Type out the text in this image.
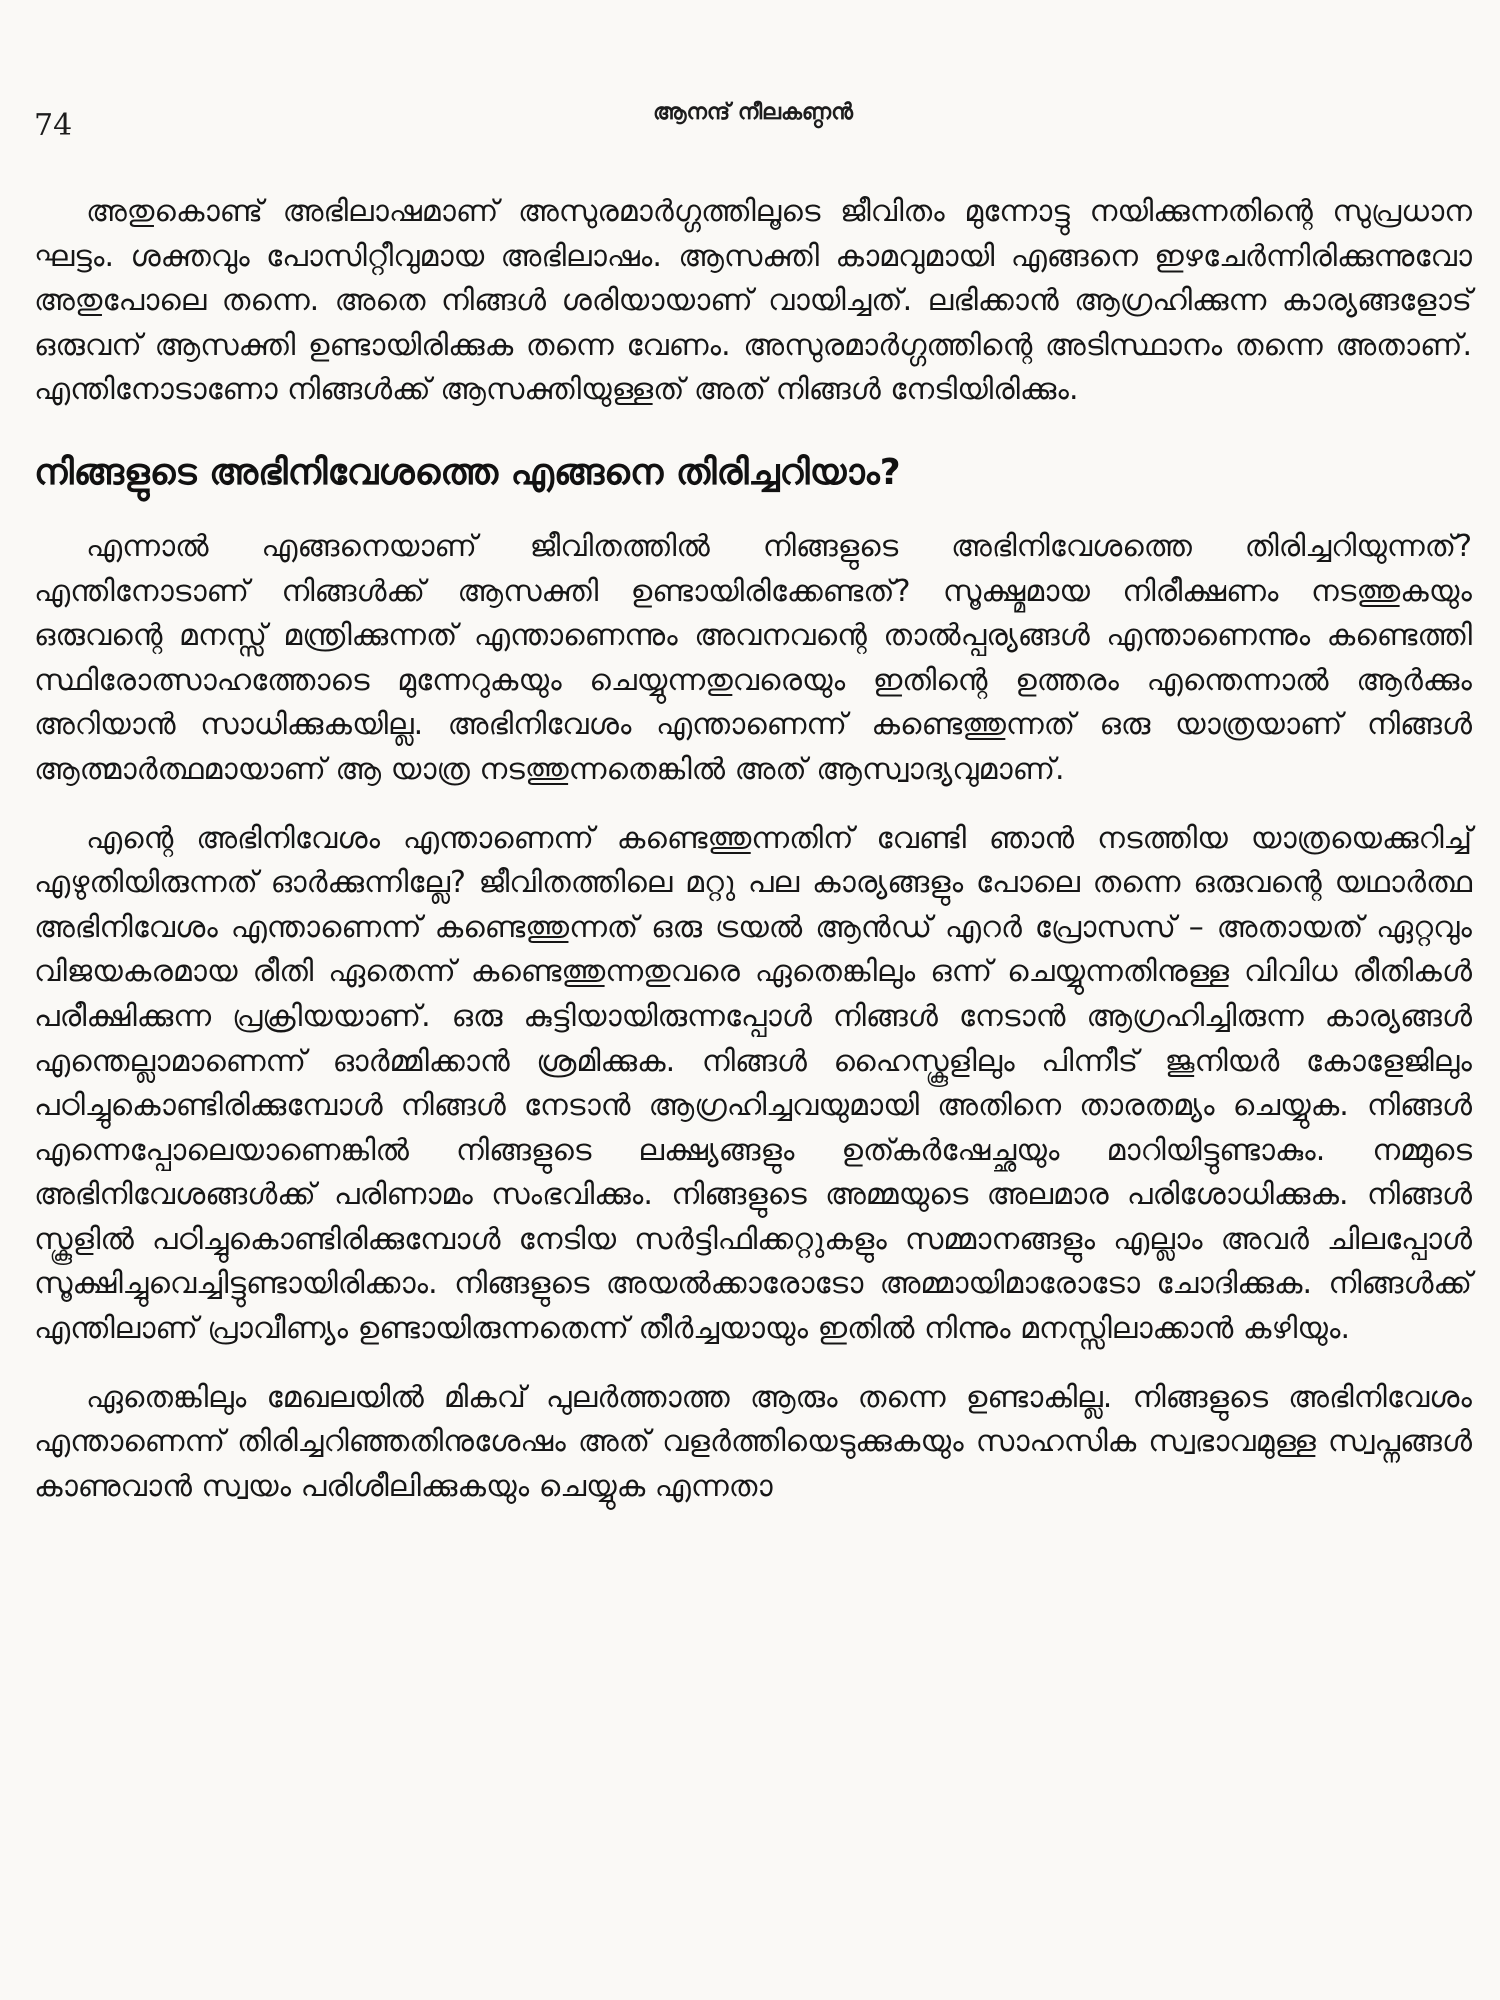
74	ആനന്ദ് നീലകണ്ഠൻ

അതുകൊണ്ട് അഭിലാഷമാണ് അസുരമാർഗ്ഗത്തിലൂടെ ജീവിതം മുന്നോട്ടു നയിക്കുന്നതിന്റെ സുപ്രധാന ഘട്ടം. ശക്തവും പോസിറ്റീവുമായ അഭിലാഷം. ആസക്തി കാമവുമായി എങ്ങനെ ഇഴചേർന്നിരിക്കുന്നുവോ അതുപോലെ തന്നെ. അതെ നിങ്ങൾ ശരിയായാണ് വായിച്ചത്. ലഭിക്കാൻ ആഗ്രഹിക്കുന്ന കാര്യങ്ങളോട് ഒരുവന് ആസക്തി ഉണ്ടായിരിക്കുക തന്നെ വേണം. അസുരമാർഗ്ഗത്തിന്റെ അടിസ്ഥാനം തന്നെ അതാണ്. എന്തിനോടാണോ നിങ്ങൾക്ക് ആസക്തിയുള്ളത് അത് നിങ്ങൾ നേടിയിരിക്കും.

നിങ്ങളുടെ അഭിനിവേശത്തെ എങ്ങനെ തിരിച്ചറിയാം?

എന്നാൽ എങ്ങനെയാണ് ജീവിതത്തിൽ നിങ്ങളുടെ അഭിനിവേശത്തെ തിരിച്ചറിയുന്നത്? എന്തിനോടാണ് നിങ്ങൾക്ക് ആസക്തി ഉണ്ടായിരിക്കേണ്ടത്? സൂക്ഷ്മമായ നിരീക്ഷണം നടത്തുകയും ഒരുവന്റെ മനസ്സ് മന്ത്രിക്കുന്നത് എന്താണെന്നും അവനവന്റെ താൽപ്പര്യങ്ങൾ എന്താണെന്നും കണ്ടെത്തി സ്ഥിരോത്സാഹത്തോടെ മുന്നേറുകയും ചെയ്യുന്നതുവരെയും ഇതിന്റെ ഉത്തരം എന്തെന്നാൽ ആർക്കും അറിയാൻ സാധിക്കുകയില്ല. അഭിനിവേശം എന്താണെന്ന് കണ്ടെത്തുന്നത് ഒരു യാത്രയാണ് നിങ്ങൾ ആത്മാർത്ഥമായാണ് ആ യാത്ര നടത്തുന്നതെങ്കിൽ അത് ആസ്വാദ്യവുമാണ്.

എന്റെ അഭിനിവേശം എന്താണെന്ന് കണ്ടെത്തുന്നതിന് വേണ്ടി ഞാൻ നടത്തിയ യാത്രയെക്കുറിച്ച് എഴുതിയിരുന്നത് ഓർക്കുന്നില്ലേ? ജീവിതത്തിലെ മറ്റു പല കാര്യങ്ങളും പോലെ തന്നെ ഒരുവന്റെ യഥാർത്ഥ അഭിനിവേശം എന്താണെന്ന് കണ്ടെത്തുന്നത് ഒരു ട്രയൽ ആൻഡ് എറർ പ്രോസസ് – അതായത് ഏറ്റവും വിജയകരമായ രീതി ഏതെന്ന് കണ്ടെത്തുന്നതുവരെ ഏതെങ്കിലും ഒന്ന് ചെയ്യുന്നതിനുള്ള വിവിധ രീതികൾ പരീക്ഷിക്കുന്ന പ്രക്രിയയാണ്. ഒരു കുട്ടിയായിരുന്നപ്പോൾ നിങ്ങൾ നേടാൻ ആഗ്രഹിച്ചിരുന്ന കാര്യങ്ങൾ എന്തെല്ലാമാണെന്ന് ഓർമ്മിക്കാൻ ശ്രമിക്കുക. നിങ്ങൾ ഹൈസ്കൂളിലും പിന്നീട് ജൂനിയർ കോളേജിലും പഠിച്ചുകൊണ്ടിരിക്കുമ്പോൾ നിങ്ങൾ നേടാൻ ആഗ്രഹിച്ചവയുമായി അതിനെ താരതമ്യം ചെയ്യുക. നിങ്ങൾ എന്നെപ്പോലെയാണെങ്കിൽ നിങ്ങളുടെ ലക്ഷ്യങ്ങളും ഉത്കർഷേച്ഛയും മാറിയിട്ടുണ്ടാകും. നമ്മുടെ അഭിനിവേശങ്ങൾക്ക് പരിണാമം സംഭവിക്കും. നിങ്ങളുടെ അമ്മയുടെ അലമാര പരിശോധിക്കുക. നിങ്ങൾ സ്കൂളിൽ പഠിച്ചുകൊണ്ടിരിക്കുമ്പോൾ നേടിയ സർട്ടിഫിക്കറ്റുകളും സമ്മാനങ്ങളും എല്ലാം അവർ ചിലപ്പോൾ സൂക്ഷിച്ചുവെച്ചിട്ടുണ്ടായിരിക്കാം. നിങ്ങളുടെ അയൽക്കാരോടോ അമ്മായിമാരോടോ ചോദിക്കുക. നിങ്ങൾക്ക് എന്തിലാണ് പ്രാവീണ്യം ഉണ്ടായിരുന്നതെന്ന് തീർച്ചയായും ഇതിൽ നിന്നും മനസ്സിലാക്കാൻ കഴിയും.

ഏതെങ്കിലും മേഖലയിൽ മികവ് പുലർത്താത്ത ആരും തന്നെ ഉണ്ടാകില്ല. നിങ്ങളുടെ അഭിനിവേശം എന്താണെന്ന് തിരിച്ചറിഞ്ഞതിനുശേഷം അത് വളർത്തിയെടുക്കുകയും സാഹസിക സ്വഭാവമുള്ള സ്വപ്നങ്ങൾ കാണുവാൻ സ്വയം പരിശീലിക്കുകയും ചെയ്യുക എന്നതാ
